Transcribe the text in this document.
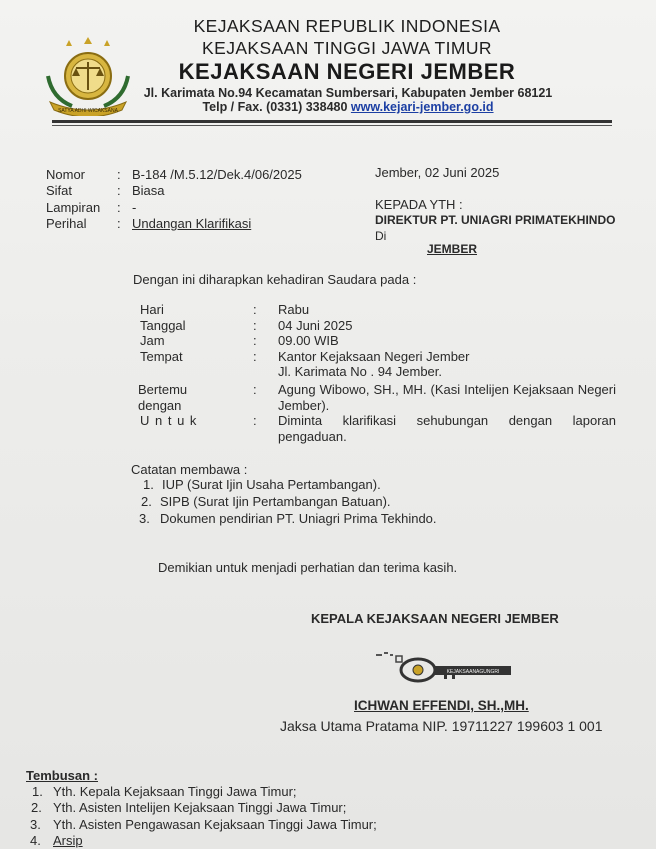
SATYA ADHI WICAKSANA
KEJAKSAAN REPUBLIK INDONESIA
KEJAKSAAN TINGGI JAWA TIMUR
KEJAKSAAN NEGERI JEMBER
Jl. Karimata No.94 Kecamatan Sumbersari, Kabupaten Jember 68121
Telp / Fax. (0331) 338480 www.kejari-jember.go.id
Nomor : B-184 /M.5.12/Dek.4/06/2025
Sifat	: Biasa
Lampiran : -
Perihal : Undangan Klarifikasi
Jember, 02 Juni 2025
KEPADA YTH :
DIREKTUR PT. UNIAGRI PRIMATEKHINDO
Di
JEMBER
Dengan ini diharapkan kehadiran Saudara pada :
Hari	: Rabu
Tanggal	: 04 Juni 2025
Jam	: 09.00 WIB
Tempat	: Kantor Kejaksaan Negeri Jember
Jl. Karimata No . 94 Jember.
Bertemu
dengan
: Agung Wibowo, SH., MH. (Kasi Intelijen Kejaksaan Negeri Jember).
U n t u k	: Diminta klarifikasi sehubungan dengan laporan pengaduan.
Catatan membawa :
1. IUP (Surat Ijin Usaha Pertambangan).
2. SIPB (Surat Ijin Pertambangan Batuan).
3. Dokumen pendirian PT. Uniagri Prima Tekhindo.
Demikian untuk menjadi perhatian dan terima kasih.
KEPALA KEJAKSAAN NEGERI JEMBER
KEJAKSAANAGUNGRI
ICHWAN EFFENDI, SH.,MH.
Jaksa Utama Pratama NIP. 19711227 199603 1 001
Tembusan :
1. Yth. Kepala Kejaksaan Tinggi Jawa Timur;
2. Yth. Asisten Intelijen Kejaksaan Tinggi Jawa Timur;
3. Yth. Asisten Pengawasan Kejaksaan Tinggi Jawa Timur;
4. Arsip
